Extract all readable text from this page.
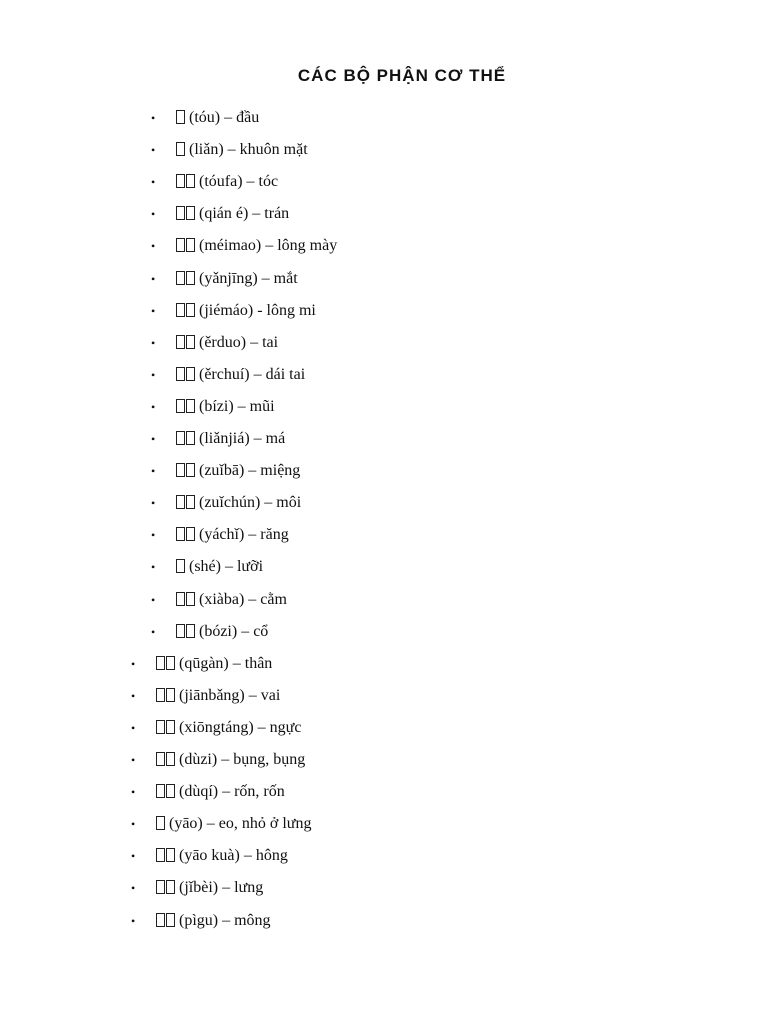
CÁC BỘ PHẬN CƠ THỂ
• (tóu) – đầu
• (liǎn) – khuôn mặt
•	(tóufa) – tóc
•	(qián é) – trán
•	(méimao) – lông mày
•	(yǎnjīng) – mắt
•	(jiémáo) - lông mi
•	(ěrduo) – tai
•	(ěrchuí) – dái tai
•	(bízi) – mũi
•	(liǎnjiá) – má
•	(zuǐbā) – miệng
•	(zuǐchún) – môi
•	(yáchǐ) – răng
• (shé) – lưỡi
•	(xiàba) – cằm
•	(bózi) – cổ
•	(qūgàn) – thân
•	(jiānbǎng) – vai
•	(xiōngtáng) – ngực
•	(dùzi) – bụng, bụng
•	(dùqí) – rốn, rốn
• (yāo) – eo, nhỏ ở lưng
•	(yāo kuà) – hông
•	(jǐbèi) – lưng
•	(pìgu) – mông
